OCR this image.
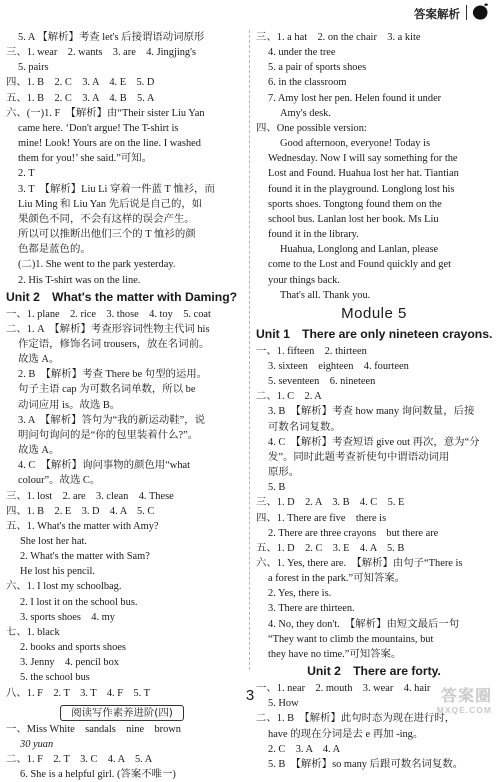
答案解析
5. A 【解析】考查 let's 后接谓语动词原形
三、1. wear　2. wants　3. are　4. Jingjing's
5. pairs
四、1. B　2. C　3. A　4. E　5. D
五、1. B　2. C　3. A　4. B　5. A
六、(一)1. F　【解析】由“Their sister Liu Yan
came here. ‘Don't argue! The T-shirt is
mine! Look! Yours are on the line. I washed
them for you!’ she said.”可知。
2. T
3. T　【解析】Liu Li 穿着一件蓝 T 恤衫，而
Liu Ming 和 Liu Yan 先后说是自己的，如
果颜色不同，不会有这样的误会产生。
所以可以推断出他们三个的 T 恤衫的颜
色都是蓝色的。
(二)1. She went to the park yesterday.
2. His T-shirt was on the line.
Unit 2　What's the matter with Daming?
一、1. plane　2. rice　3. those　4. toy　5. coat
二、1. A　【解析】考查形容词性物主代词 his
作定语，修饰名词 trousers，放在名词前。
故选 A。
2. B　【解析】考查 There be 句型的运用。
句子主语 cap 为可数名词单数，所以 be
动词应用 is。故选 B。
3. A　【解析】答句为“我的新运动鞋”，说
明问句询问的是“你的包里装着什么?”。
故选 A。
4. C　【解析】询问事物的颜色用“what
colour”。故选 C。
三、1. lost　2. are　3. clean　4. These
四、1. B　2. E　3. D　4. A　5. C
五、1. What's the matter with Amy?
She lost her hat.
2. What's the matter with Sam?
He lost his pencil.
六、1. I lost my schoolbag.
2. I lost it on the school bus.
3. sports shoes　4. my
七、1. black
2. books and sports shoes
3. Jenny　4. pencil box
5. the school bus
八、1. F　2. T　3. T　4. F　5. T
阅读写作素养进阶(四)
一、Miss White　sandals　nine　brown
30 yuan
二、1. F　2. T　3. C　4. A　5. A
6. She is a helpful girl. (答案不唯一)
三、1. a hat　2. on the chair　3. a kite
4. under the tree
5. a pair of sports shoes
6. in the classroom
7. Amy lost her pen. Helen found it under
Amy's desk.
四、One possible version:
Good afternoon, everyone! Today is
Wednesday. Now I will say something for the
Lost and Found. Huahua lost her hat. Tiantian
found it in the playground. Longlong lost his
sports shoes. Tongtong found them on the
school bus. Lanlan lost her book. Ms Liu
found it in the library.
Huahua, Longlong and Lanlan, please
come to the Lost and Found quickly and get
your things back.
That's all. Thank you.
Module 5
Unit 1　There are only nineteen crayons.
一、1. fifteen　2. thirteen
3. sixteen　eighteen　4. fourteen
5. seventeen　6. nineteen
二、1. C　2. A
3. B　【解析】考查 how many 询问数量，后接
可数名词复数。
4. C　【解析】考查短语 give out 再次，意为“分
发”。同时此题考查祈使句中谓语动词用
原形。
5. B
三、1. D　2. A　3. B　4. C　5. E
四、1. There are five　there is
2. There are three crayons　but there are
五、1. D　2. C　3. E　4. A　5. B
六、1. Yes, there are.　【解析】由句子“There is
a forest in the park.”可知答案。
2. Yes, there is.
3. There are thirteen.
4. No, they don't.　【解析】由短文最后一句
“They want to climb the mountains, but
they have no time.”可知答案。
Unit 2　There are forty.
一、1. near　2. mouth　3. wear　4. hair
5. How
二、1. B　【解析】此句时态为现在进行时，
have 的现在分词是去 e 再加 -ing。
2. C　3. A　4. A
5. B　【解析】so many 后跟可数名词复数。
3	答案圈
MXQE.COM
